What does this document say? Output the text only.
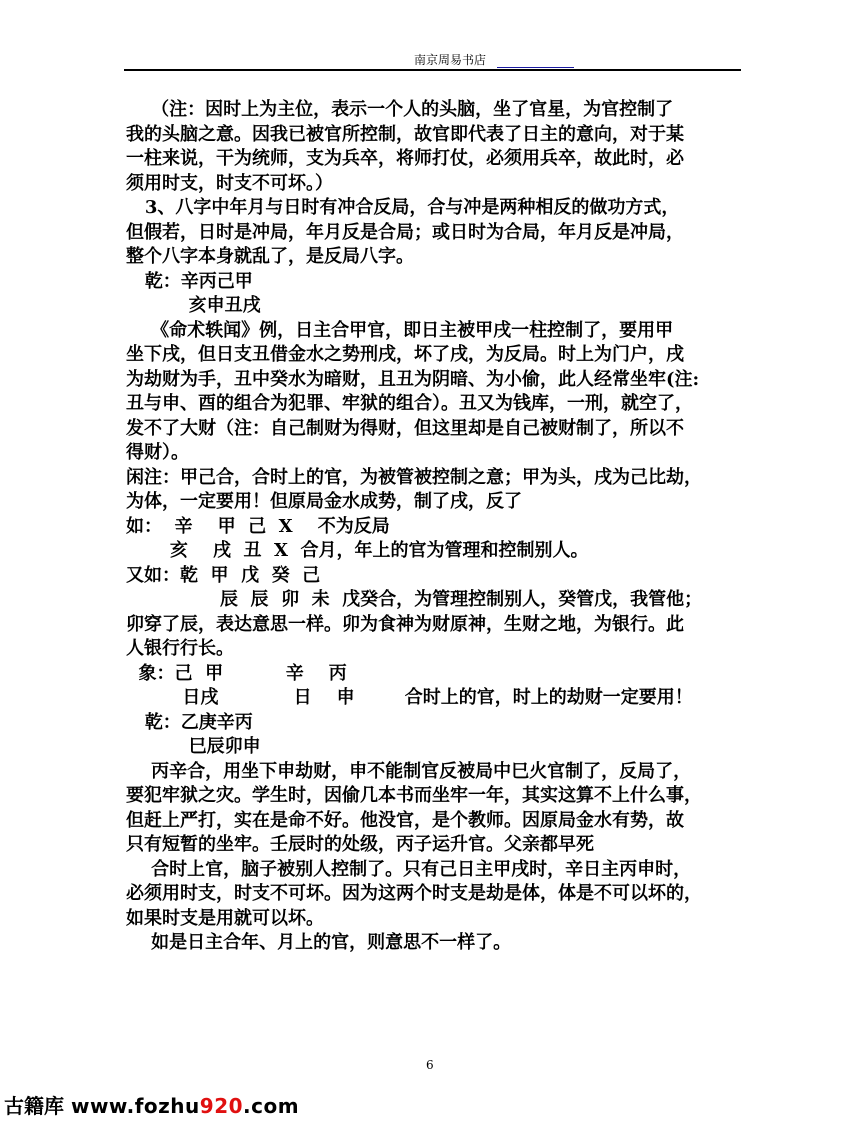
南京周易书店

（注：因时上为主位，表示一个人的头脑，坐了官星，为官控制了

我的头脑之意。因我已被官所控制，故官即代表了日主的意向，对于某

一柱来说，干为统师，支为兵卒，将师打仗，必须用兵卒，故此时，必

须用时支，时支不可坏。）

3、八字中年月与日时有冲合反局，合与冲是两种相反的做功方式，

但假若，日时是冲局，年月反是合局；或日时为合局，年月反是冲局，

整个八字本身就乱了，是反局八字。

乾：辛丙己甲

亥申丑戌

《命术轶闻》例，日主合甲官，即日主被甲戌一柱控制了，要用甲

坐下戌，但日支丑借金水之势刑戌，坏了戌，为反局。时上为门户，戌

为劫财为手，丑中癸水为暗财，且丑为阴暗、为小偷，此人经常坐牢(注:

丑与申、酉的组合为犯罪、牢狱的组合）。丑又为钱库，一刑，就空了，

发不了大财（注：自己制财为得财，但这里却是自己被财制了，所以不

得财）。

闲注：甲己合，合时上的官，为被管被控制之意；甲为头，戌为己比劫，

为体，一定要用！但原局金水成势，制了戌，反了

如：  辛    甲  己  X    不为反局

亥    戌  丑  X  合月，年上的官为管理和控制别人。

又如：乾  甲  戊  癸  己

辰  辰  卯  未  戊癸合，为管理控制别人，癸管戊，我管他；

卯穿了辰，表达意思一样。卯为食神为财原神，生财之地，为银行。此

人银行行长。

象：己  甲          辛    丙

日戌            日    申        合时上的官，时上的劫财一定要用！

乾：乙庚辛丙

巳辰卯申

丙辛合，用坐下申劫财，申不能制官反被局中巳火官制了，反局了，

要犯牢狱之灾。学生时，因偷几本书而坐牢一年，其实这算不上什么事，

但赶上严打，实在是命不好。他没官，是个教师。因原局金水有势，故

只有短暂的坐牢。壬辰时的处级，丙子运升官。父亲都早死

合时上官，脑子被别人控制了。只有己日主甲戌时，辛日主丙申时，

必须用时支，时支不可坏。因为这两个时支是劫是体，体是不可以坏的，

如果时支是用就可以坏。

如是日主合年、月上的官，则意思不一样了。

6
古籍库 www.fozhu920.com
